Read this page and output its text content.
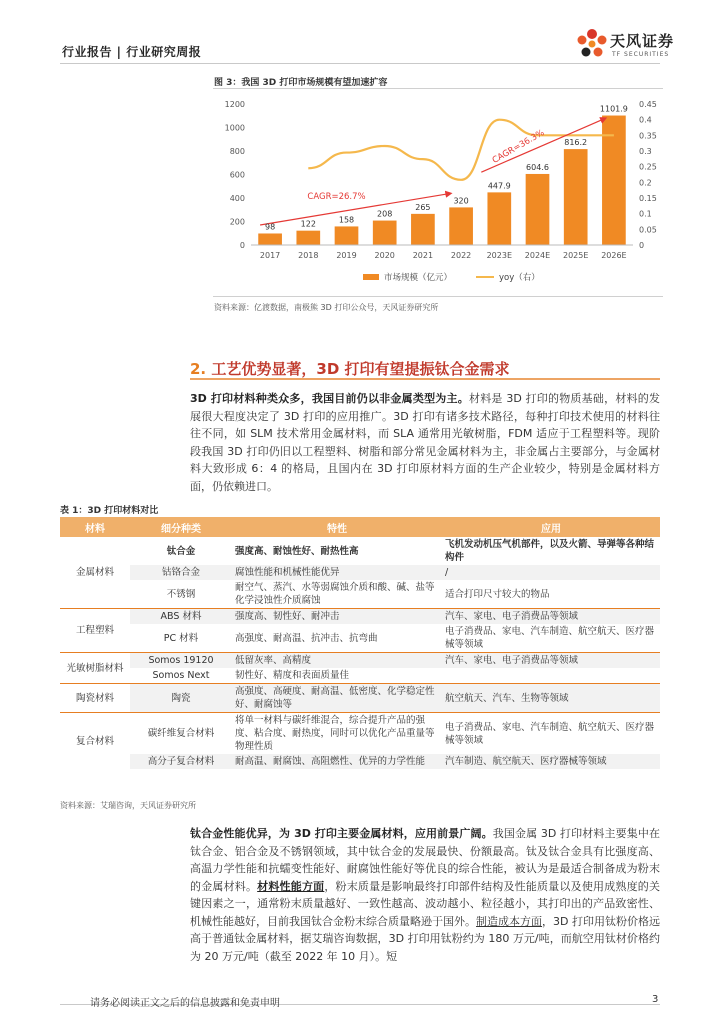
行业报告 | 行业研究周报
天风证券
TF SECURITIES
图 3：我国 3D 打印市场规模有望加速扩容
98	122	158
208
265
320
447.9
604.6
816.2
1101.9
CAGR=26.7%
CAGR=36.3%
0
200
400
600
800
1000
1200
0
0.05
0.1
0.15
0.2
0.25
0.3
0.35
0.4
0.45
2017 2018 2019 2020 2021 2022 2023E 2024E 2025E 2026E
市场规模（亿元）	yoy（右）
资料来源：亿渡数据，南极熊 3D 打印公众号，天风证券研究所
2. 工艺优势显著，3D 打印有望提振钛合金需求
3D 打印材料种类众多，我国目前仍以非金属类型为主。材料是 3D 打印的物质基础，材料的发展很大程度决定了 3D 打印的应用推广。3D 打印有诸多技术路径，每种打印技术使用的材料往往不同，如 SLM 技术常用金属材料，而 SLA 通常用光敏树脂，FDM 适应于工程塑料等。现阶段我国 3D 打印仍旧以工程塑料、树脂和部分常见金属材料为主，非金属占主要部分，与金属材料大致形成 6：4 的格局，且国内在 3D 打印原材料方面的生产企业较少，特别是金属材料方面，仍依赖进口。
表 1：3D 打印材料对比
材料	细分种类	特性	应用
金属材料	钛合金	强度高、耐蚀性好、耐热性高	飞机发动机压气机部件，以及火箭、导弹等各种结构件
	钴铬合金	腐蚀性能和机械性能优异	/
	不锈钢	耐空气、蒸汽、水等弱腐蚀介质和酸、碱、盐等化学浸蚀性介质腐蚀	适合打印尺寸较大的物品
工程塑料	ABS 材料	强度高、韧性好、耐冲击	汽车、家电、电子消费品等领域
	PC 材料	高强度、耐高温、抗冲击、抗弯曲	电子消费品、家电、汽车制造、航空航天、医疗器械等领域
光敏树脂材料	Somos 19120	低留灰率、高精度	汽车、家电、电子消费品等领域
	Somos Next	韧性好、精度和表面质量佳	
陶瓷材料	陶瓷	高强度、高硬度、耐高温、低密度、化学稳定性好、耐腐蚀等	航空航天、汽车、生物等领域
复合材料	碳纤维复合材料	将单一材料与碳纤维混合，综合提升产品的强度、粘合度、耐热度，同时可以优化产品重量等物理性质	电子消费品、家电、汽车制造、航空航天、医疗器械等领域
	高分子复合材料	耐高温、耐腐蚀、高阻燃性、优异的力学性能	汽车制造、航空航天、医疗器械等领域
资料来源：艾瑞咨询，天风证券研究所
钛合金性能优异，为 3D 打印主要金属材料，应用前景广阔。我国金属 3D 打印材料主要集中在钛合金、铝合金及不锈钢领域，其中钛合金的发展最快、份额最高。钛及钛合金具有比强度高、高温力学性能和抗蠕变性能好、耐腐蚀性能好等优良的综合性能，被认为是最适合制备成为粉末的金属材料。材料性能方面，粉末质量是影响最终打印部件结构及性能质量以及使用成熟度的关键因素之一，通常粉末质量越好、一致性越高、波动越小、粒径越小，其打印出的产品致密性、机械性能越好，目前我国钛合金粉末综合质量略逊于国外。制造成本方面，3D 打印用钛粉价格远高于普通钛金属材料，据艾瑞咨询数据，3D 打印用钛粉约为 180 万元/吨，而航空用钛材价格约为 20 万元/吨（截至 2022 年 10 月）。短
请务必阅读正文之后的信息披露和免责申明	3
